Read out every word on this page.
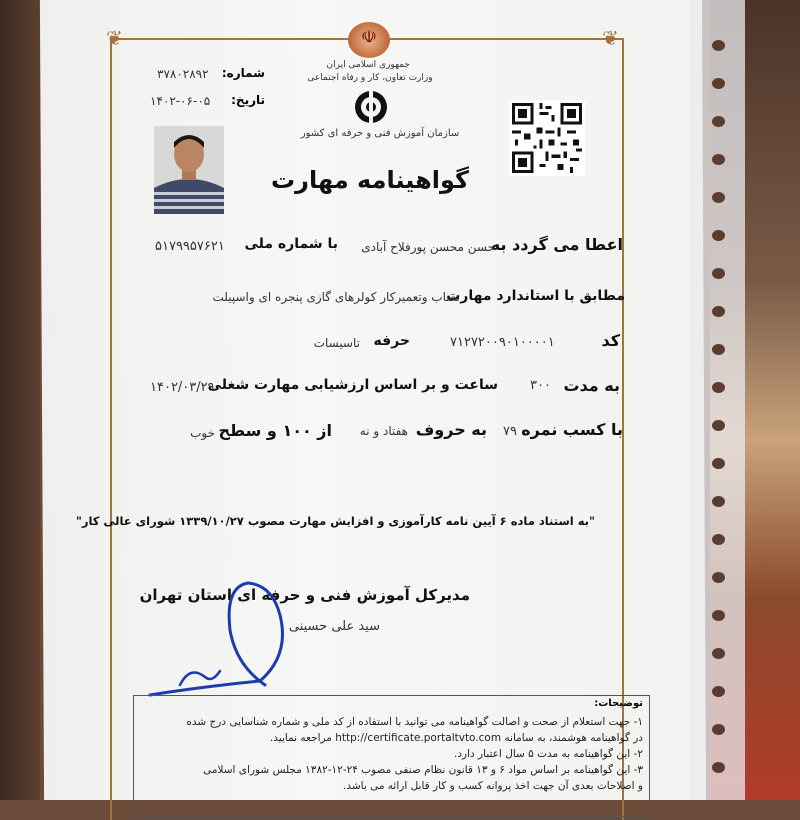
❦	❦
☫
جمهوری اسلامی ایران
وزارت تعاون، کار و رفاه اجتماعی
سازمان آموزش فنی و حرفه ای کشور
شماره:
۳۷۸۰۲۸۹۲
تاریخ:
۱۴۰۲-۰۶-۰۵
گواهینامه مهارت
اعطا می گردد به
حسن محسن پورفلاح آبادی
با شماره ملی
۵۱۷۹۹۵۷۶۲۱
مطابق با استاندارد مهارت
نصاب وتعمیرکار کولرهای گازی پنجره ای واسپیلت
کد
۷۱۲۷۲۰۰۹۰۱۰۰۰۰۱
حرفه
تاسیسات
به مدت
۳۰۰
ساعت و بر اساس ارزشیابی مهارت شغلی
۱۴۰۲/۰۳/۲۹
با کسب نمره
۷۹
به حروف
هفتاد و نه
از ۱۰۰ و سطح
خوب
"به استناد ماده ۶ آیین نامه کارآموزی و افزایش مهارت مصوب ۱۳۳۹/۱۰/۲۷ شورای عالی کار"
مدیرکل آموزش فنی و حرفه ای استان تهران
سید علی حسینی
توضیحات:
۱- جهت استعلام از صحت و اصالت گواهینامه می توانید با استفاده از کد ملی و شماره شناسایی درج شده
در گواهینامه هوشمند، به سامانه http://certificate.portaltvto.com مراجعه نمایید.
۲- این گواهینامه به مدت ۵ سال اعتبار دارد.
۳- این گواهینامه بر اساس مواد ۶ و ۱۳ قانون نظام صنفی مصوب ۲۴-۱۲-۱۳۸۲ مجلس شورای اسلامی
و اصلاحات بعدی آن جهت اخذ پروانه کسب و کار قابل ارائه می باشد.
